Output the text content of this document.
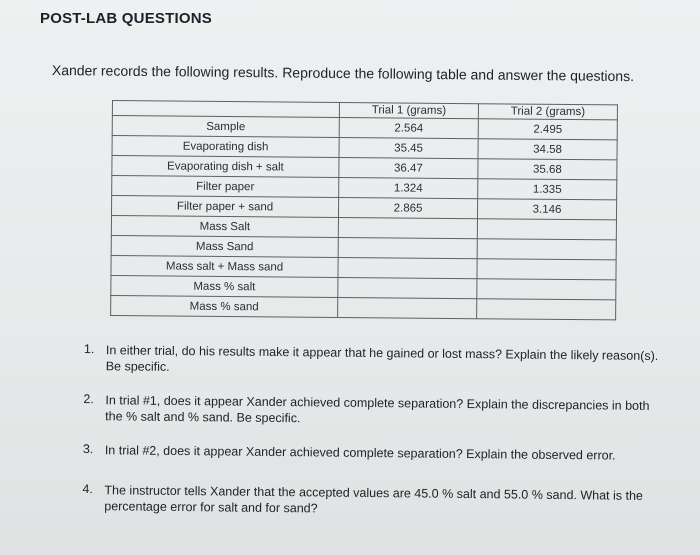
POST-LAB QUESTIONS
Xander records the following results. Reproduce the following table and answer the questions.
	Trial 1 (grams)	Trial 2 (grams)
Sample	2.564	2.495
Evaporating dish	35.45	34.58
Evaporating dish + salt	36.47	35.68
Filter paper	1.324	1.335
Filter paper + sand	2.865	3.146
Mass Salt		
Mass Sand		
Mass salt + Mass sand		
Mass % salt		
Mass % sand		
1. In either trial, do his results make it appear that he gained or lost mass? Explain the likely reason(s). Be specific.
2. In trial #1, does it appear Xander achieved complete separation? Explain the discrepancies in both the % salt and % sand. Be specific.
3. In trial #2, does it appear Xander achieved complete separation? Explain the observed error.
4. The instructor tells Xander that the accepted values are 45.0 % salt and 55.0 % sand. What is the percentage error for salt and for sand?
